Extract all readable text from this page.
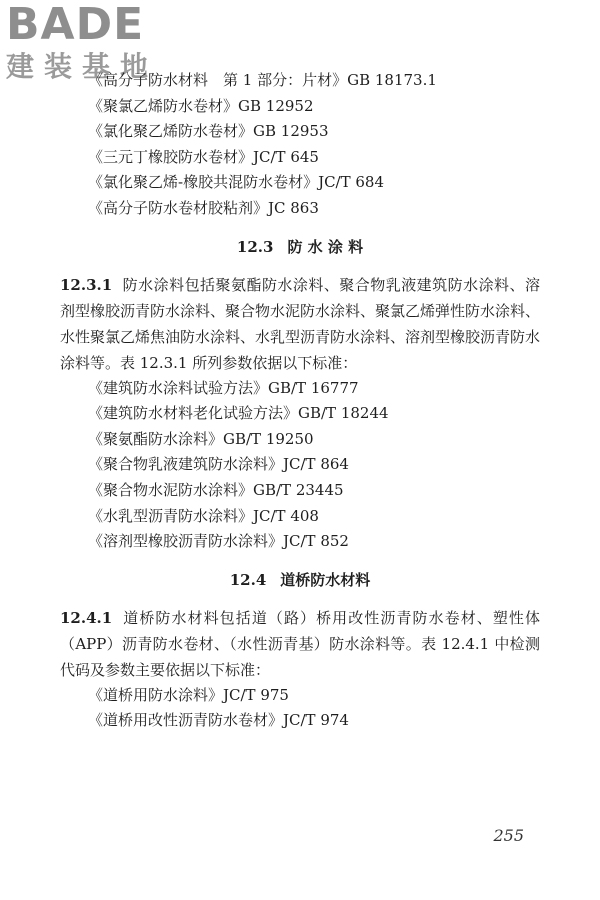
BADE
建装基地
《高分子防水材料　第 1 部分：片材》GB 18173.1
《聚氯乙烯防水卷材》GB 12952
《氯化聚乙烯防水卷材》GB 12953
《三元丁橡胶防水卷材》JC/T 645
《氯化聚乙烯-橡胶共混防水卷材》JC/T 684
《高分子防水卷材胶粘剂》JC 863
12.3 防 水 涂 料
12.3.1 防水涂料包括聚氨酯防水涂料、聚合物乳液建筑防水涂料、溶剂型橡胶沥青防水涂料、聚合物水泥防水涂料、聚氯乙烯弹性防水涂料、水性聚氯乙烯焦油防水涂料、水乳型沥青防水涂料、溶剂型橡胶沥青防水涂料等。表 12.3.1 所列参数依据以下标准：
《建筑防水涂料试验方法》GB/T 16777
《建筑防水材料老化试验方法》GB/T 18244
《聚氨酯防水涂料》GB/T 19250
《聚合物乳液建筑防水涂料》JC/T 864
《聚合物水泥防水涂料》GB/T 23445
《水乳型沥青防水涂料》JC/T 408
《溶剂型橡胶沥青防水涂料》JC/T 852
12.4 道桥防水材料
12.4.1 道桥防水材料包括道（路）桥用改性沥青防水卷材、塑性体（APP）沥青防水卷材、（水性沥青基）防水涂料等。表 12.4.1 中检测代码及参数主要依据以下标准：
《道桥用防水涂料》JC/T 975
《道桥用改性沥青防水卷材》JC/T 974
255
